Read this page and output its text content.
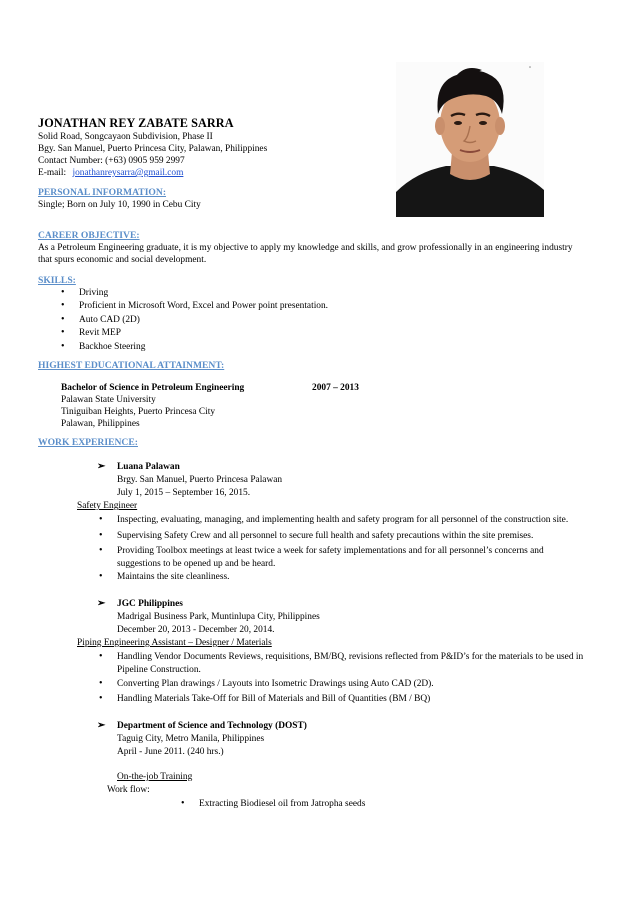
JONATHAN REY ZABATE SARRA
Solid Road, Songcayaon Subdivision, Phase II
Bgy. San Manuel, Puerto Princesa City, Palawan, Philippines
Contact Number: (+63) 0905 959 2997
E-mail: jonathanreysarra@gmail.com
PERSONAL INFORMATION:
Single; Born on July 10, 1990 in Cebu City
CAREER OBJECTIVE:
As a Petroleum Engineering graduate, it is my objective to apply my knowledge and skills, and grow professionally in an engineering industry
that spurs economic and social development.
SKILLS:
• Driving
• Proficient in Microsoft Word, Excel and Power point presentation.
• Auto CAD (2D)
• Revit MEP
• Backhoe Steering
HIGHEST EDUCATIONAL ATTAINMENT:
Bachelor of Science in Petroleum Engineering	2007 – 2013
Palawan State University
Tiniguiban Heights, Puerto Princesa City
Palawan, Philippines
WORK EXPERIENCE:
➢ Luana Palawan
Brgy. San Manuel, Puerto Princesa Palawan
July 1, 2015 – September 16, 2015.
Safety Engineer
• Inspecting, evaluating, managing, and implementing health and safety program for all personnel of the construction site.
• Supervising Safety Crew and all personnel to secure full health and safety precautions within the site premises.
• Providing Toolbox meetings at least twice a week for safety implementations and for all personnel’s concerns and
suggestions to be opened up and be heard.
• Maintains the site cleanliness.
➢ JGC Philippines
Madrigal Business Park, Muntinlupa City, Philippines
December 20, 2013 - December 20, 2014.
Piping Engineering Assistant – Designer / Materials
• Handling Vendor Documents Reviews, requisitions, BM/BQ, revisions reflected from P&ID’s for the materials to be used in
Pipeline Construction.
• Converting Plan drawings / Layouts into Isometric Drawings using Auto CAD (2D).
• Handling Materials Take-Off for Bill of Materials and Bill of Quantities (BM / BQ)
➢ Department of Science and Technology (DOST)
Taguig City, Metro Manila, Philippines
April - June 2011. (240 hrs.)
On-the-job Training
Work flow:
• Extracting Biodiesel oil from Jatropha seeds
